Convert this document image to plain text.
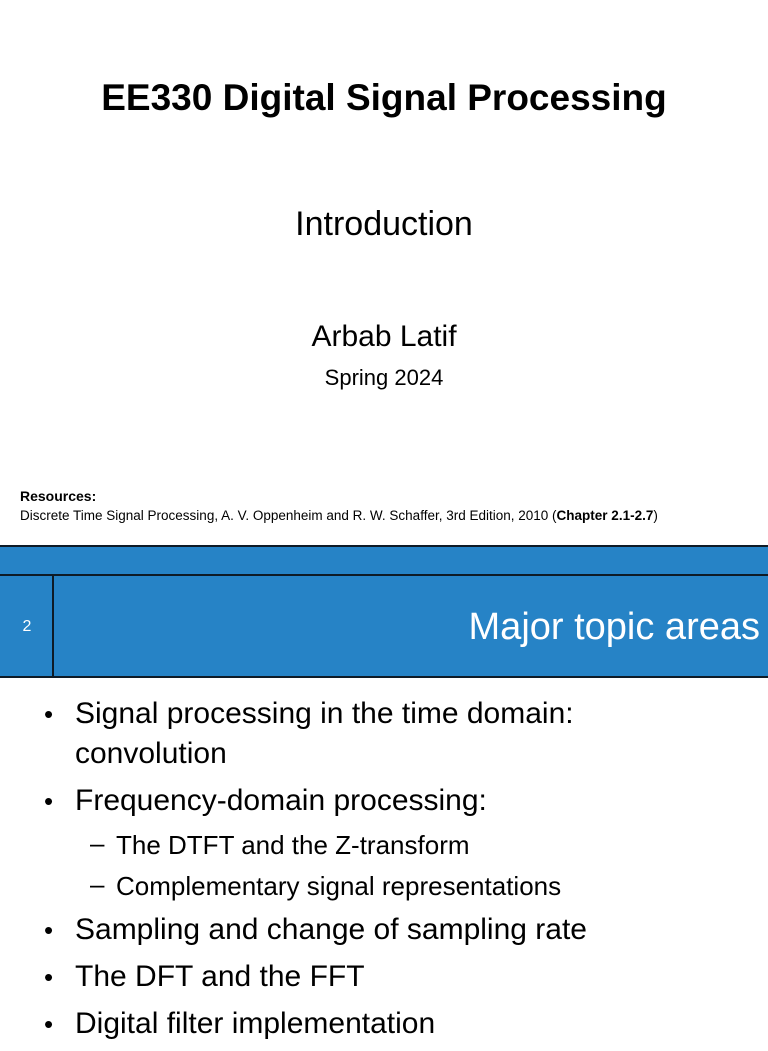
EE330 Digital Signal Processing
Introduction
Arbab Latif
Spring 2024
Resources:
Discrete Time Signal Processing, A. V. Oppenheim and R. W. Schaffer, 3rd Edition, 2010 (Chapter 2.1-2.7)
2	Major topic areas
• Signal processing in the time domain:
convolution
• Frequency-domain processing:
– The DTFT and the Z-transform
– Complementary signal representations
• Sampling and change of sampling rate
• The DFT and the FFT
• Digital filter implementation
